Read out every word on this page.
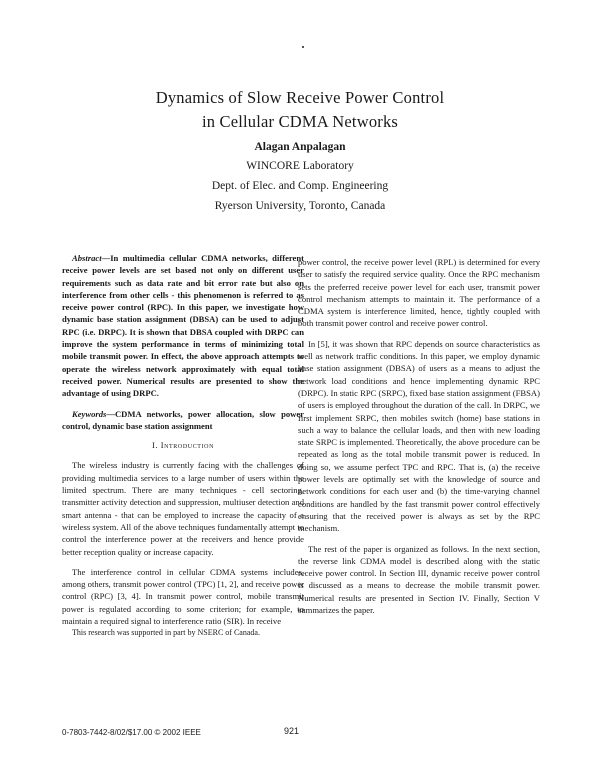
Dynamics of Slow Receive Power Control
in Cellular CDMA Networks
Alagan Anpalagan
WINCORE Laboratory
Dept. of Elec. and Comp. Engineering
Ryerson University, Toronto, Canada

Abstract—In multimedia cellular CDMA networks, different receive power levels are set based not only on different user requirements such as data rate and bit error rate but also on interference from other cells - this phenomenon is referred to as receive power control (RPC). In this paper, we investigate how dynamic base station assignment (DBSA) can be used to adjust RPC (i.e. DRPC). It is shown that DBSA coupled with DRPC can improve the system performance in terms of minimizing total mobile transmit power. In effect, the above approach attempts to operate the wireless network approximately with equal total received power. Numerical results are presented to show the advantage of using DRPC.

Keywords—CDMA networks, power allocation, slow power control, dynamic base station assignment

I. Introduction

The wireless industry is currently facing with the challenges of providing multimedia services to a large number of users within the limited spectrum. There are many techniques - cell sectoring, transmitter activity detection and suppression, multiuser detection and smart antenna - that can be employed to increase the capacity of a wireless system. All of the above techniques fundamentally attempt to control the interference power at the receivers and hence provide better reception quality or increase capacity.

The interference control in cellular CDMA systems includes, among others, transmit power control (TPC) [1, 2], and receive power control (RPC) [3, 4]. In transmit power control, mobile transmit power is regulated according to some criterion; for example, to maintain a required signal to interference ratio (SIR). In receive

This research was supported in part by NSERC of Canada.

power control, the receive power level (RPL) is determined for every user to satisfy the required service quality. Once the RPC mechanism sets the preferred receive power level for each user, transmit power control mechanism attempts to maintain it. The performance of a CDMA system is interference limited, hence, tightly coupled with both transmit power control and receive power control.

In [5], it was shown that RPC depends on source characteristics as well as network traffic conditions. In this paper, we employ dynamic base station assignment (DBSA) of users as a means to adjust the network load conditions and hence implementing dynamic RPC (DRPC). In static RPC (SRPC), fixed base station assignment (FBSA) of users is employed throughout the duration of the call. In DRPC, we first implement SRPC, then mobiles switch (home) base stations in such a way to balance the cellular loads, and then with new loading state SRPC is implemented. Theoretically, the above procedure can be repeated as long as the total mobile transmit power is reduced. In doing so, we assume perfect TPC and RPC. That is, (a) the receive power levels are optimally set with the knowledge of source and network conditions for each user and (b) the time-varying channel conditions are handled by the fast transmit power control effectively ensuring that the received power is always as set by the RPC mechanism.

The rest of the paper is organized as follows. In the next section, the reverse link CDMA model is described along with the static receive power control. In Section III, dynamic receive power control is discussed as a means to decrease the mobile transmit power. Numerical results are presented in Section IV. Finally, Section V summarizes the paper.

0-7803-7442-8/02/$17.00 © 2002 IEEE	921
